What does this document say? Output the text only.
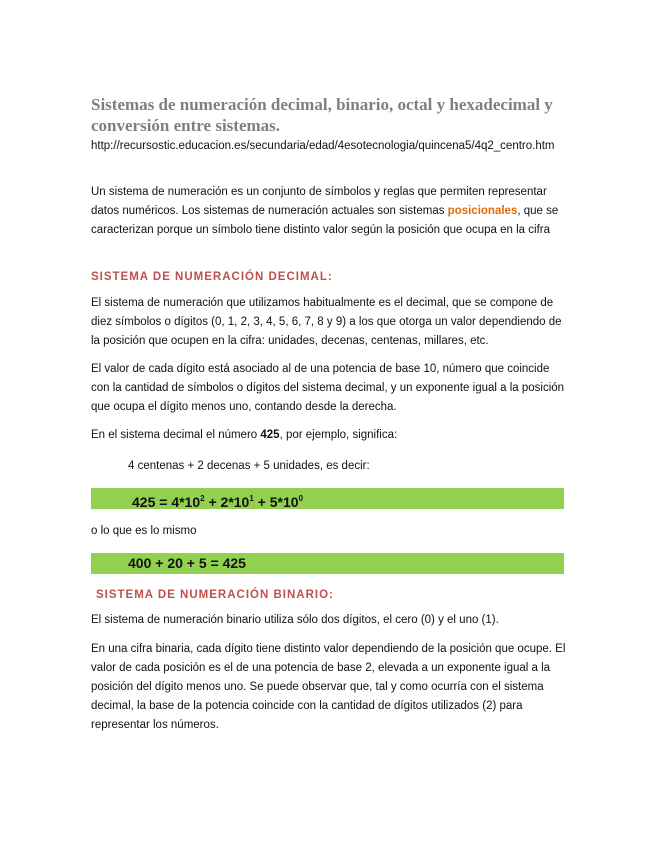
Sistemas de numeración decimal, binario, octal y hexadecimal y conversión entre sistemas.

http://recursostic.educacion.es/secundaria/edad/4esotecnologia/quincena5/4q2_centro.htm

Un sistema de numeración es un conjunto de símbolos y reglas que permiten representar datos numéricos. Los sistemas de numeración actuales son sistemas posicionales, que se caracterizan porque un símbolo tiene distinto valor según la posición que ocupa en la cifra

SISTEMA DE NUMERACIÓN DECIMAL:

El sistema de numeración que utilizamos habitualmente es el decimal, que se compone de diez símbolos o dígitos (0, 1, 2, 3, 4, 5, 6, 7, 8 y 9) a los que otorga un valor dependiendo de la posición que ocupen en la cifra: unidades, decenas, centenas, millares, etc.

El valor de cada dígito está asociado al de una potencia de base 10, número que coincide con la cantidad de símbolos o dígitos del sistema decimal, y un exponente igual a la posición que ocupa el dígito menos uno, contando desde la derecha.

En el sistema decimal el número 425, por ejemplo, significa:

4 centenas + 2 decenas + 5 unidades, es decir:

$425 = 4*10^2 + 2*10^1 + 5*10^0$

o lo que es lo mismo

400 + 20 + 5 = 425
SISTEMA DE NUMERACIÓN BINARIO:

El sistema de numeración binario utiliza sólo dos dígitos, el cero (0) y el uno (1).

En una cifra binaria, cada dígito tiene distinto valor dependiendo de la posición que ocupe. El valor de cada posición es el de una potencia de base 2, elevada a un exponente igual a la posición del dígito menos uno. Se puede observar que, tal y como ocurría con el sistema decimal, la base de la potencia coincide con la cantidad de dígitos utilizados (2) para representar los números.
